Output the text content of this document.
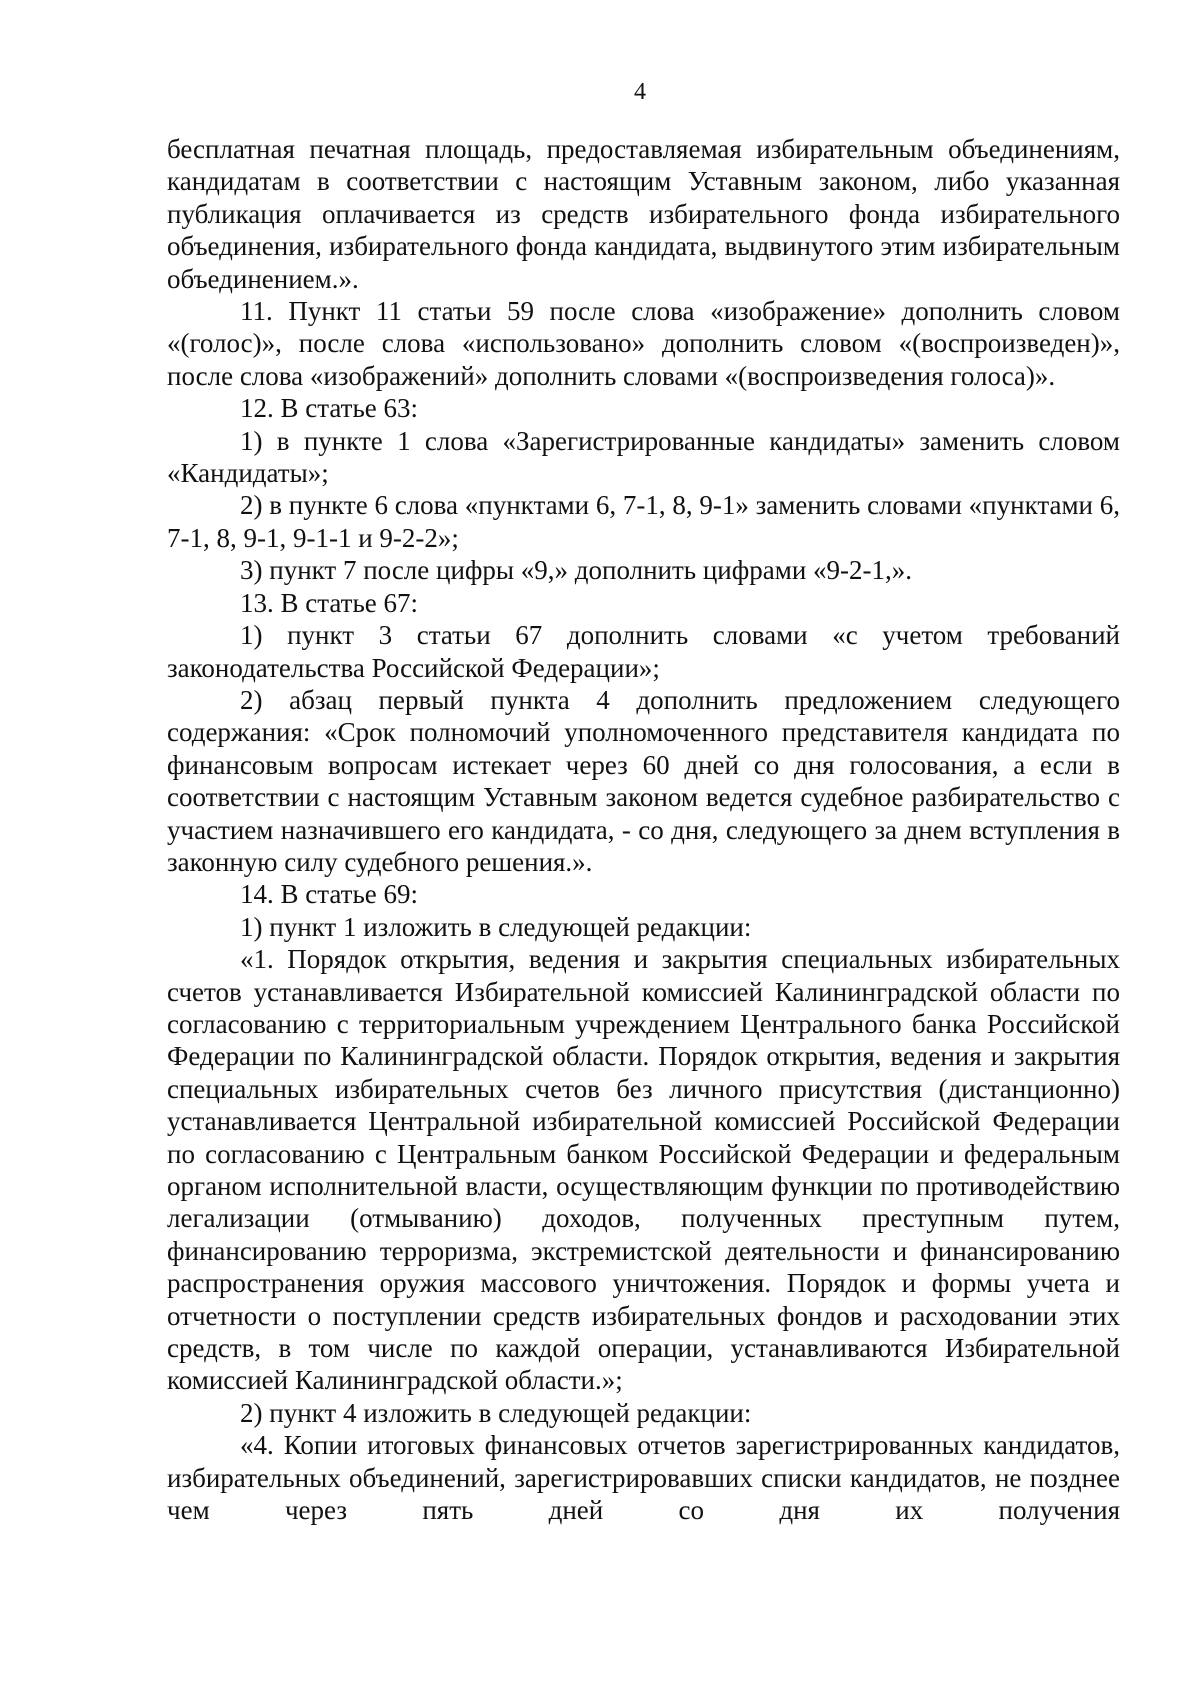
4

бесплатная печатная площадь, предоставляемая избирательным объединениям, кандидатам в соответствии с настоящим Уставным законом, либо указанная публикация оплачивается из средств избирательного фонда избирательного объединения, избирательного фонда кандидата, выдвинутого этим избирательным объединением.».

11. Пункт 11 статьи 59 после слова «изображение» дополнить словом «(голос)», после слова «использовано» дополнить словом «(воспроизведен)», после слова «изображений» дополнить словами «(воспроизведения голоса)».

12. В статье 63:

1) в пункте 1 слова «Зарегистрированные кандидаты» заменить словом «Кандидаты»;

2) в пункте 6 слова «пунктами 6, 7-1, 8, 9-1» заменить словами «пунктами 6, 7-1, 8, 9-1, 9-1-1 и 9-2-2»;

3) пункт 7 после цифры «9,» дополнить цифрами «9-2-1,».

13. В статье 67:

1) пункт 3 статьи 67 дополнить словами «с учетом требований законодательства Российской Федерации»;

2) абзац первый пункта 4 дополнить предложением следующего содержания: «Срок полномочий уполномоченного представителя кандидата по финансовым вопросам истекает через 60 дней со дня голосования, а если в соответствии с настоящим Уставным законом ведется судебное разбирательство с участием назначившего его кандидата, - со дня, следующего за днем вступления в законную силу судебного решения.».

14. В статье 69:

1) пункт 1 изложить в следующей редакции:

«1. Порядок открытия, ведения и закрытия специальных избирательных счетов устанавливается Избирательной комиссией Калининградской области по согласованию с территориальным учреждением Центрального банка Российской Федерации по Калининградской области. Порядок открытия, ведения и закрытия специальных избирательных счетов без личного присутствия (дистанционно) устанавливается Центральной избирательной комиссией Российской Федерации по согласованию с Центральным банком Российской Федерации и федеральным органом исполнительной власти, осуществляющим функции по противодействию легализации (отмыванию) доходов, полученных преступным путем, финансированию терроризма, экстремистской деятельности и финансированию распространения оружия массового уничтожения. Порядок и формы учета и отчетности о поступлении средств избирательных фондов и расходовании этих средств, в том числе по каждой операции, устанавливаются Избирательной комиссией Калининградской области.»;

2) пункт 4 изложить в следующей редакции:

«4. Копии итоговых финансовых отчетов зарегистрированных кандидатов, избирательных объединений, зарегистрировавших списки кандидатов, не позднее чем через пять дней со дня их получения
